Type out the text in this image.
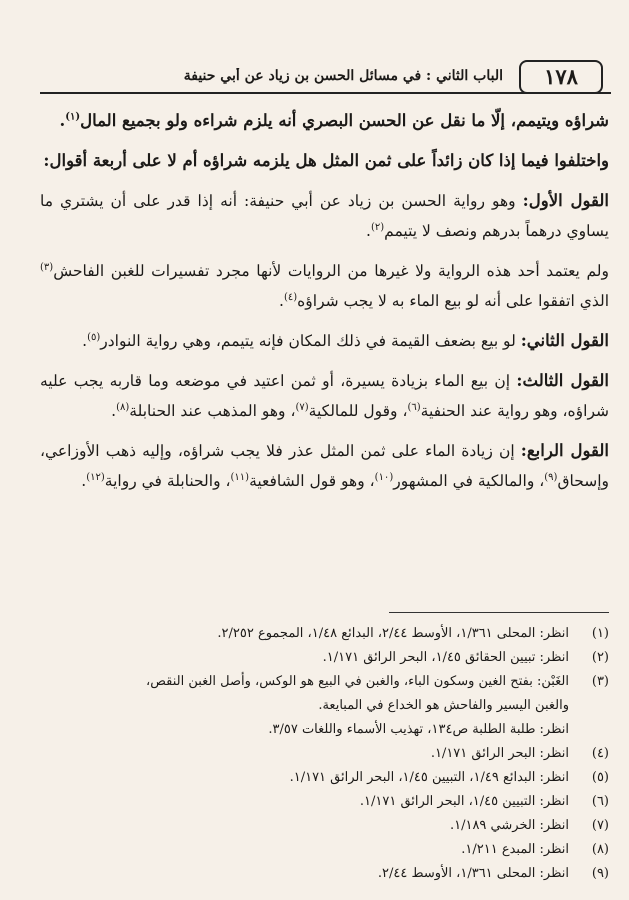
١٧٨
الباب الثاني : في مسائل الحسن بن زياد عن أبي حنيفة

شراؤه ويتيمم، إلّا ما نقل عن الحسن البصري أنه يلزم شراءه ولو بجميع المال$^{(١)}$.

واختلفوا فيما إذا كان زائداً على ثمن المثل هل يلزمه شراؤه أم لا على أربعة أقوال:

القول الأول: وهو رواية الحسن بن زياد عن أبي حنيفة: أنه إذا قدر على أن يشتري ما يساوي درهماً بدرهم ونصف لا يتيمم$^{(٢)}$.

ولم يعتمد أحد هذه الرواية ولا غيرها من الروايات لأنها مجرد تفسيرات للغبن الفاحش$^{(٣)}$ الذي اتفقوا على أنه لو بيع الماء به لا يجب شراؤه$^{(٤)}$.

القول الثاني: لو بيع بضعف القيمة في ذلك المكان فإنه يتيمم، وهي رواية النوادر$^{(٥)}$.

القول الثالث: إن بيع الماء بزيادة يسيرة، أو ثمن اعتيد في موضعه وما قاربه يجب عليه شراؤه، وهو رواية عند الحنفية$^{(٦)}$، وقول للمالكية$^{(٧)}$، وهو المذهب عند الحنابلة$^{(٨)}$.

القول الرابع: إن زيادة الماء على ثمن المثل عذر فلا يجب شراؤه، وإليه ذهب الأوزاعي، وإسحاق$^{(٩)}$، والمالكية في المشهور$^{(١٠)}$، وهو قول الشافعية$^{(١١)}$، والحنابلة في رواية$^{(١٢)}$.

(١)
انظر: المحلى ١/٣٦١، الأوسط ٢/٤٤، البدائع ١/٤٨، المجموع ٢/٢٥٢.
(٢)
انظر: تبيين الحقائق ١/٤٥، البحر الرائق ١/١٧١.
(٣)
الغَبْن: بفتح الغين وسكون الباء، والغبن في البيع هو الوكس، وأصل الغبن النقص،
والغبن اليسير والفاحش هو الخداع في المبايعة.
انظر: طلبة الطلبة ص١٣٤، تهذيب الأسماء واللغات ٣/٥٧.
(٤)
انظر: البحر الرائق ١/١٧١.
(٥)
انظر: البدائع ١/٤٩، التبيين ١/٤٥، البحر الرائق ١/١٧١.
(٦)
انظر: التبيين ١/٤٥، البحر الرائق ١/١٧١.
(٧)
انظر: الخرشي ١/١٨٩.
(٨)
انظر: المبدع ١/٢١١.
(٩)
انظر: المحلى ١/٣٦١، الأوسط ٢/٤٤.
